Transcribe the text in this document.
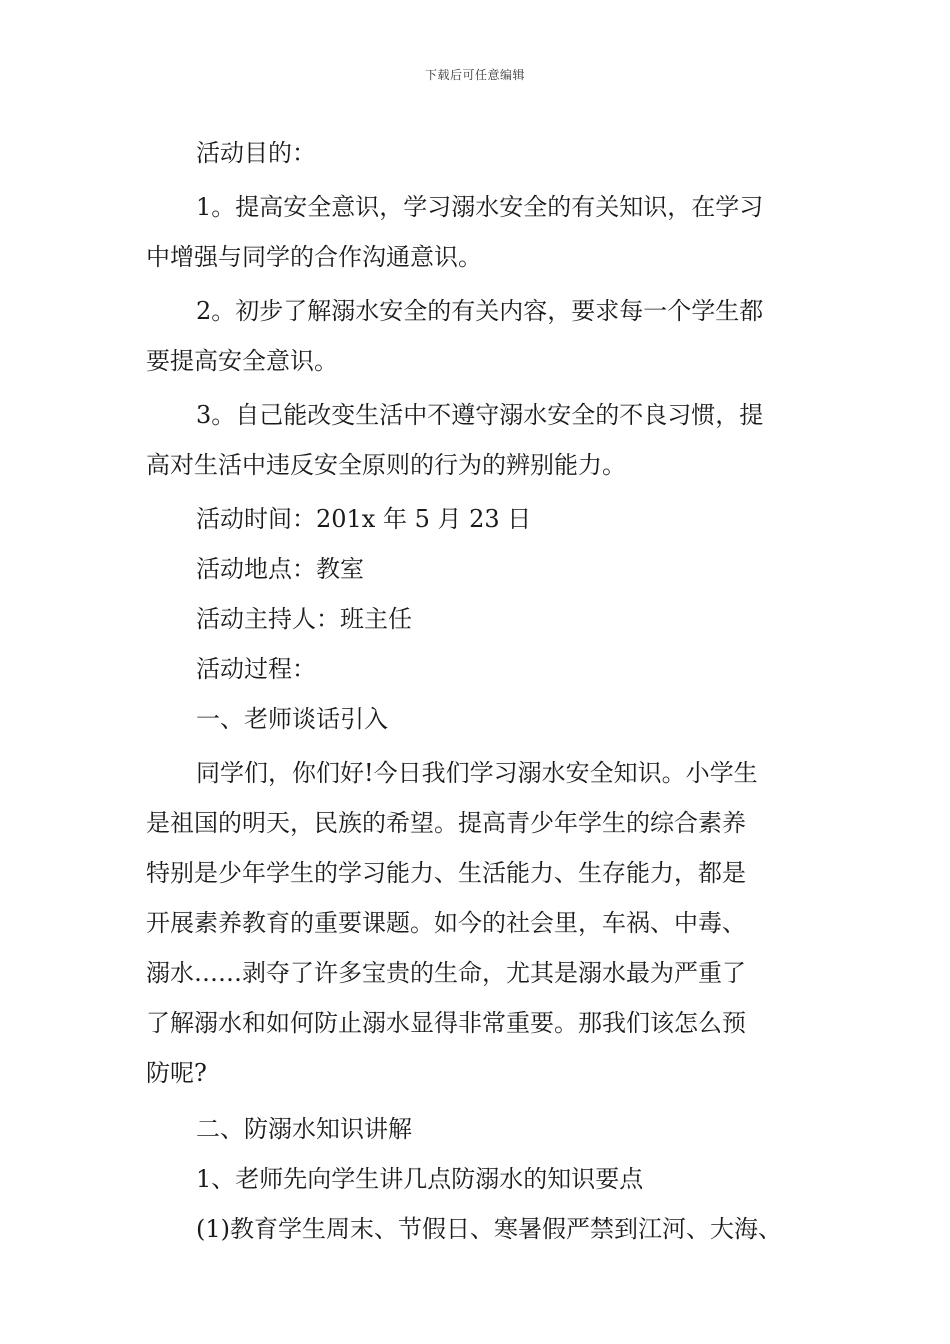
下载后可任意编辑

活动目的：

1。提高安全意识，学习溺水安全的有关知识，在学习

中增强与同学的合作沟通意识。

2。初步了解溺水安全的有关内容，要求每一个学生都

要提高安全意识。

3。自己能改变生活中不遵守溺水安全的不良习惯，提

高对生活中违反安全原则的行为的辨别能力。

活动时间：201x 年 5 月 23 日

活动地点：教室

活动主持人：班主任

活动过程：

一、老师谈话引入

同学们，你们好!今日我们学习溺水安全知识。小学生

是祖国的明天，民族的希望。提高青少年学生的综合素养

特别是少年学生的学习能力、生活能力、生存能力，都是

开展素养教育的重要课题。如今的社会里，车祸、中毒、

溺水……剥夺了许多宝贵的生命，尤其是溺水最为严重了

了解溺水和如何防止溺水显得非常重要。那我们该怎么预

防呢?

二、防溺水知识讲解

1、老师先向学生讲几点防溺水的知识要点

(1)教育学生周末、节假日、寒暑假严禁到江河、大海、
